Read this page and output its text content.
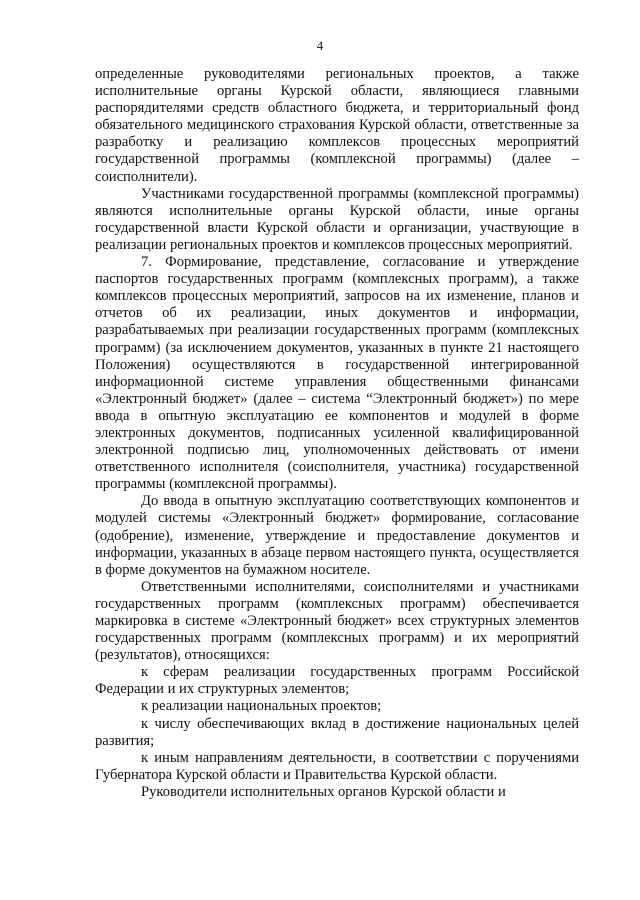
4

определенные руководителями региональных проектов, а также исполнительные органы Курской области, являющиеся главными распорядителями средств областного бюджета, и территориальный фонд обязательного медицинского страхования Курской области, ответственные за разработку и реализацию комплексов процессных мероприятий государственной программы (комплексной программы) (далее – соисполнители).

Участниками государственной программы (комплексной программы) являются исполнительные органы Курской области, иные органы государственной власти Курской области и организации, участвующие в реализации региональных проектов и комплексов процессных мероприятий.

7. Формирование, представление, согласование и утверждение паспортов государственных программ (комплексных программ), а также комплексов процессных мероприятий, запросов на их изменение, планов и отчетов об их реализации, иных документов и информации, разрабатываемых при реализации государственных программ (комплексных программ) (за исключением документов, указанных в пункте 21 настоящего Положения) осуществляются в государственной интегрированной информационной системе управления общественными финансами «Электронный бюджет» (далее – система “Электронный бюджет») по мере ввода в опытную эксплуатацию ее компонентов и модулей в форме электронных документов, подписанных усиленной квалифицированной электронной подписью лиц, уполномоченных действовать от имени ответственного исполнителя (соисполнителя, участника) государственной программы (комплексной программы).

До ввода в опытную эксплуатацию соответствующих компонентов и модулей системы «Электронный бюджет» формирование, согласование (одобрение), изменение, утверждение и предоставление документов и информации, указанных в абзаце первом настоящего пункта, осуществляется в форме документов на бумажном носителе.

Ответственными исполнителями, соисполнителями и участниками государственных программ (комплексных программ) обеспечивается маркировка в системе «Электронный бюджет» всех структурных элементов государственных программ (комплексных программ) и их мероприятий (результатов), относящихся:

к сферам реализации государственных программ Российской Федерации и их структурных элементов;

к реализации национальных проектов;

к числу обеспечивающих вклад в достижение национальных целей развития;

к иным направлениям деятельности, в соответствии с поручениями Губернатора Курской области и Правительства Курской области.

Руководители исполнительных органов Курской области и
